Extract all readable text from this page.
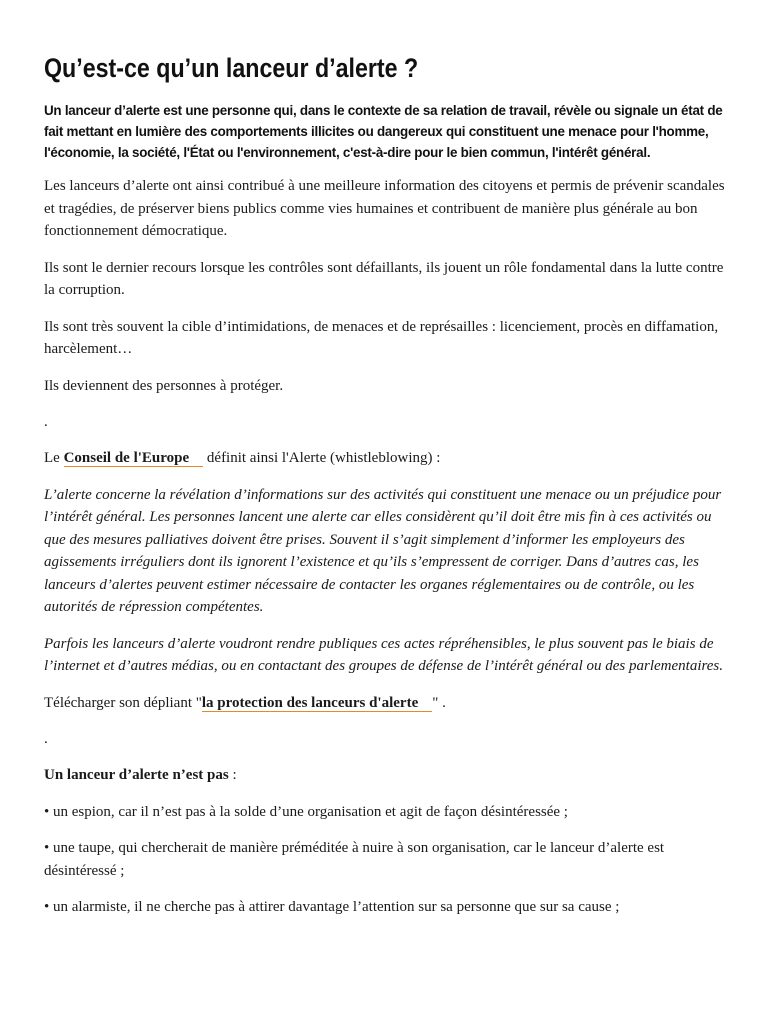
Qu’est-ce qu’un lanceur d’alerte ?

Un lanceur d’alerte est une personne qui, dans le contexte de sa relation de travail, révèle ou signale un état de fait mettant en lumière des comportements illicites ou dangereux qui constituent une menace pour l'homme, l'économie, la société, l'État ou l'environnement, c'est-à-dire pour le bien commun, l'intérêt général.

Les lanceurs d’alerte ont ainsi contribué à une meilleure information des citoyens et permis de prévenir scandales et tragédies, de préserver biens publics comme vies humaines et contribuent de manière plus générale au bon fonctionnement démocratique.

Ils sont le dernier recours lorsque les contrôles sont défaillants, ils jouent un rôle fondamental dans la lutte contre la corruption.

Ils sont très souvent la cible d’intimidations, de menaces et de représailles : licenciement, procès en diffamation, harcèlement…

Ils deviennent des personnes à protéger.

.

Le Conseil de l'Europe définit ainsi l'Alerte (whistleblowing) :

L’alerte concerne la révélation d’informations sur des activités qui constituent une menace ou un préjudice pour l’intérêt général. Les personnes lancent une alerte car elles considèrent qu’il doit être mis fin à ces activités ou que des mesures palliatives doivent être prises. Souvent il s’agit simplement d’informer les employeurs des agissements irréguliers dont ils ignorent l’existence et qu’ils s’empressent de corriger. Dans d’autres cas, les lanceurs d’alertes peuvent estimer nécessaire de contacter les organes réglementaires ou de contrôle, ou les autorités de répression compétentes.

Parfois les lanceurs d’alerte voudront rendre publiques ces actes répréhensibles, le plus souvent pas le biais de l’internet et d’autres médias, ou en contactant des groupes de défense de l’intérêt général ou des parlementaires.

Télécharger son dépliant "la protection des lanceurs d'alerte " .

.

Un lanceur d’alerte n’est pas :

• un espion, car il n’est pas à la solde d’une organisation et agit de façon désintéressée ;

• une taupe, qui chercherait de manière préméditée à nuire à son organisation, car le lanceur d’alerte est désintéressé ;

• un alarmiste, il ne cherche pas à attirer davantage l’attention sur sa personne que sur sa cause ;
